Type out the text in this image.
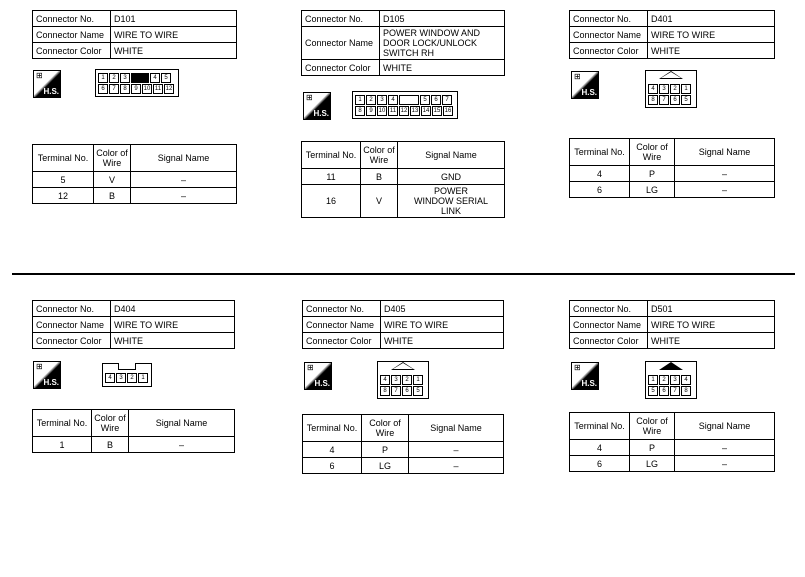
Connector No.	D101
Connector Name	WIRE TO WIRE
Connector Color	WHITE
⊞
H.S.
1	2	3	4	5
6	7	8	9 10 11 12
Terminal No.	Color of Wire	Signal Name
5	V	–
12	B	–
Connector No.	D105
Connector Name	POWER WINDOW AND DOOR LOCK/UNLOCK SWITCH RH
Connector Color	WHITE
⊞
H.S.
1	2	3	4	5	6	7
8	9 10 11 12 13 14 15 16
Terminal No.	Color of Wire	Signal Name
11	B	GND
16	V	POWER WINDOW SERIAL LINK
Connector No.	D401
Connector Name	WIRE TO WIRE
Connector Color	WHITE
⊞
H.S.	4	3	2	1
8	7	6	5
Terminal No.	Color of Wire	Signal Name
4	P	–
6	LG	–
Connector No.	D404
Connector Name	WIRE TO WIRE
Connector Color	WHITE
⊞
H.S.	4	3	2	1
Terminal No.	Color of Wire	Signal Name
1	B	–
Connector No.	D405
Connector Name	WIRE TO WIRE
Connector Color	WHITE
⊞
H.S.	4	3	2	1
8	7	6	5
Terminal No.	Color of Wire	Signal Name
4	P	–
6	LG	–
Connector No.	D501
Connector Name	WIRE TO WIRE
Connector Color	WHITE
⊞
H.S.	1	2	3	4
5	6	7	8
Terminal No.	Color of Wire	Signal Name
4	P	–
6	LG	–
